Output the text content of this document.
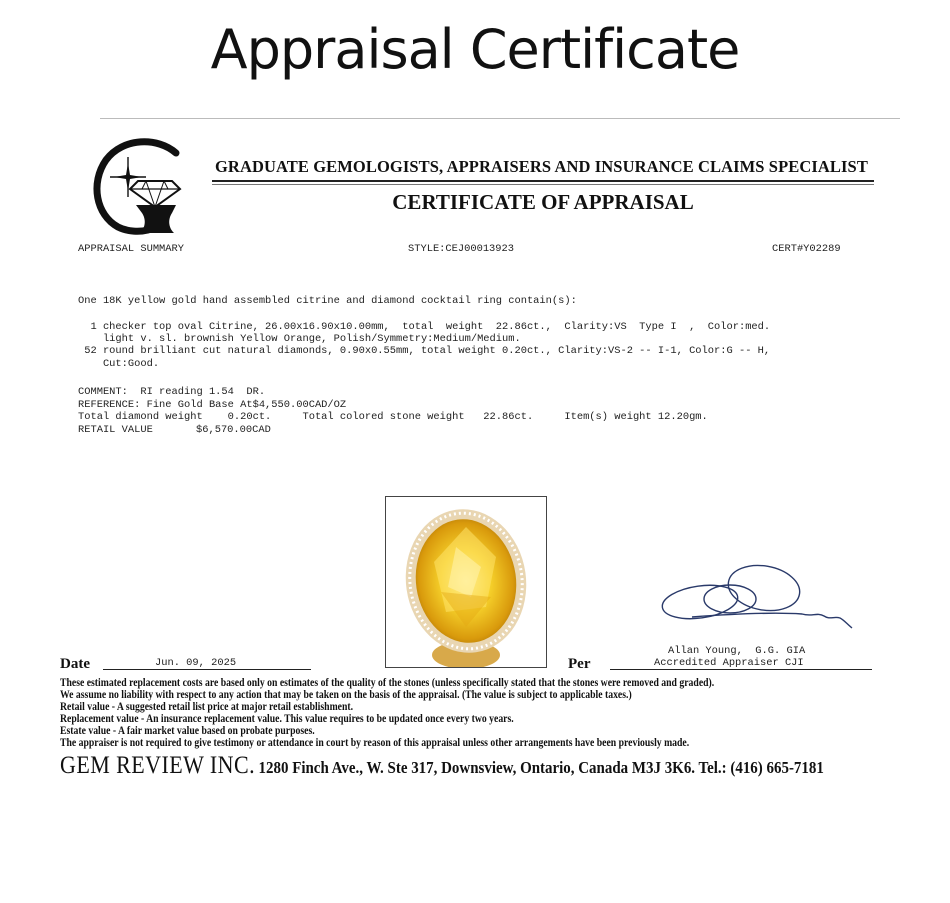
Appraisal Certificate
GRADUATE GEMOLOGISTS, APPRAISERS AND INSURANCE CLAIMS SPECIALIST
CERTIFICATE OF APPRAISAL
APPRAISAL SUMMARY	STYLE:CEJ00013923	CERT#Y02289
One 18K yellow gold hand assembled citrine and diamond cocktail ring contain(s):
1 checker top oval Citrine, 26.00x16.90x10.00mm,  total  weight  22.86ct.,  Clarity:VS  Type I  ,  Color:med.
light v. sl. brownish Yellow Orange, Polish/Symmetry:Medium/Medium.
52 round brilliant cut natural diamonds, 0.90x0.55mm, total weight 0.20ct., Clarity:VS-2 -- I-1, Color:G -- H,
Cut:Good.
COMMENT:  RI reading 1.54  DR.
REFERENCE: Fine Gold Base At$4,550.00CAD/OZ
Total diamond weight    0.20ct.     Total colored stone weight   22.86ct.     Item(s) weight 12.20gm.
RETAIL VALUE	$6,570.00CAD
Allan Young,  G.G. GIA
Accredited Appraiser CJI
Date	Jun. 09, 2025	Per
These estimated replacement costs are based only on estimates of the quality of the stones (unless specifically stated that the stones were removed and graded).
We assume no liability with respect to any action that may be taken on the basis of the appraisal. (The value is subject to applicable taxes.)
Retail value - A suggested retail list price at major retail establishment.
Replacement value - An insurance replacement value. This value requires to be updated once every two years.
Estate value - A fair market value based on probate purposes.
The appraiser is not required to give testimony or attendance in court by reason of this appraisal unless other arrangements have been previously made.
GEM REVIEW INC. 1280 Finch Ave., W. Ste 317, Downsview, Ontario, Canada M3J 3K6. Tel.: (416) 665-7181
